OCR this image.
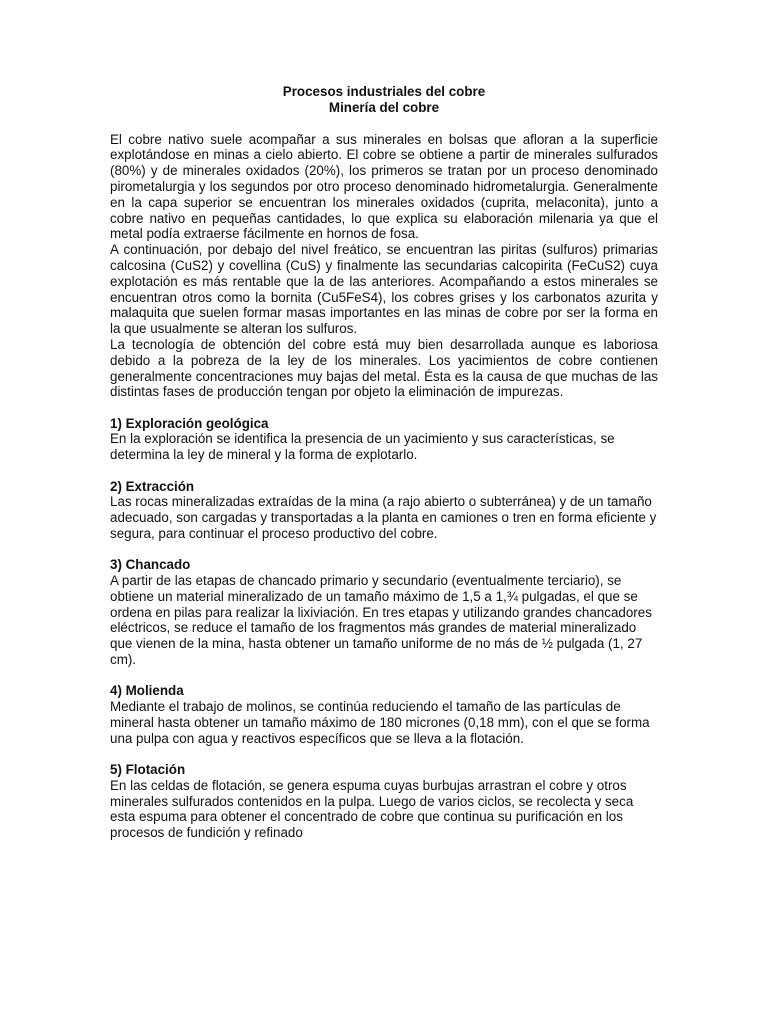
Procesos industriales del cobre
Minería del cobre

El cobre nativo suele acompañar a sus minerales en bolsas que afloran a la superficie explotándose en minas a cielo abierto. El cobre se obtiene a partir de minerales sulfurados (80%) y de minerales oxidados (20%), los primeros se tratan por un proceso denominado pirometalurgia y los segundos por otro proceso denominado hidrometalurgia. Generalmente en la capa superior se encuentran los minerales oxidados (cuprita, melaconita), junto a cobre nativo en pequeñas cantidades, lo que explica su elaboración milenaria ya que el metal podía extraerse fácilmente en hornos de fosa.

A continuación, por debajo del nivel freático, se encuentran las piritas (sulfuros) primarias calcosina (CuS2) y covellina (CuS) y finalmente las secundarias calcopirita (FeCuS2) cuya explotación es más rentable que la de las anteriores. Acompañando a estos minerales se encuentran otros como la bornita (Cu5FeS4), los cobres grises y los carbonatos azurita y malaquita que suelen formar masas importantes en las minas de cobre por ser la forma en la que usualmente se alteran los sulfuros.

La tecnología de obtención del cobre está muy bien desarrollada aunque es laboriosa debido a la pobreza de la ley de los minerales. Los yacimientos de cobre contienen generalmente concentraciones muy bajas del metal. Ésta es la causa de que muchas de las distintas fases de producción tengan por objeto la eliminación de impurezas.

1) Exploración geológica

En la exploración se identifica la presencia de un yacimiento y sus características, se determina la ley de mineral y la forma de explotarlo.

2) Extracción

Las rocas mineralizadas extraídas de la mina (a rajo abierto o subterránea) y de un tamaño adecuado, son cargadas y transportadas a la planta en camiones o tren en forma eficiente y segura, para continuar el proceso productivo del cobre.

3) Chancado

A partir de las etapas de chancado primario y secundario (eventualmente terciario), se obtiene un material mineralizado de un tamaño máximo de 1,5 a 1,¾ pulgadas, el que se ordena en pilas para realizar la lixiviación. En tres etapas y utilizando grandes chancadores eléctricos, se reduce el tamaño de los fragmentos más grandes de material mineralizado que vienen de la mina, hasta obtener un tamaño uniforme de no más de ½ pulgada (1, 27 cm).

4) Molienda

Mediante el trabajo de molinos, se continúa reduciendo el tamaño de las partículas de mineral hasta obtener un tamaño máximo de 180 micrones (0,18 mm), con el que se forma una pulpa con agua y reactivos específicos que se lleva a la flotación.

5) Flotación

En las celdas de flotación, se genera espuma cuyas burbujas arrastran el cobre y otros minerales sulfurados contenidos en la pulpa. Luego de varios ciclos, se recolecta y seca esta espuma para obtener el concentrado de cobre que continua su purificación en los procesos de fundición y refinado
